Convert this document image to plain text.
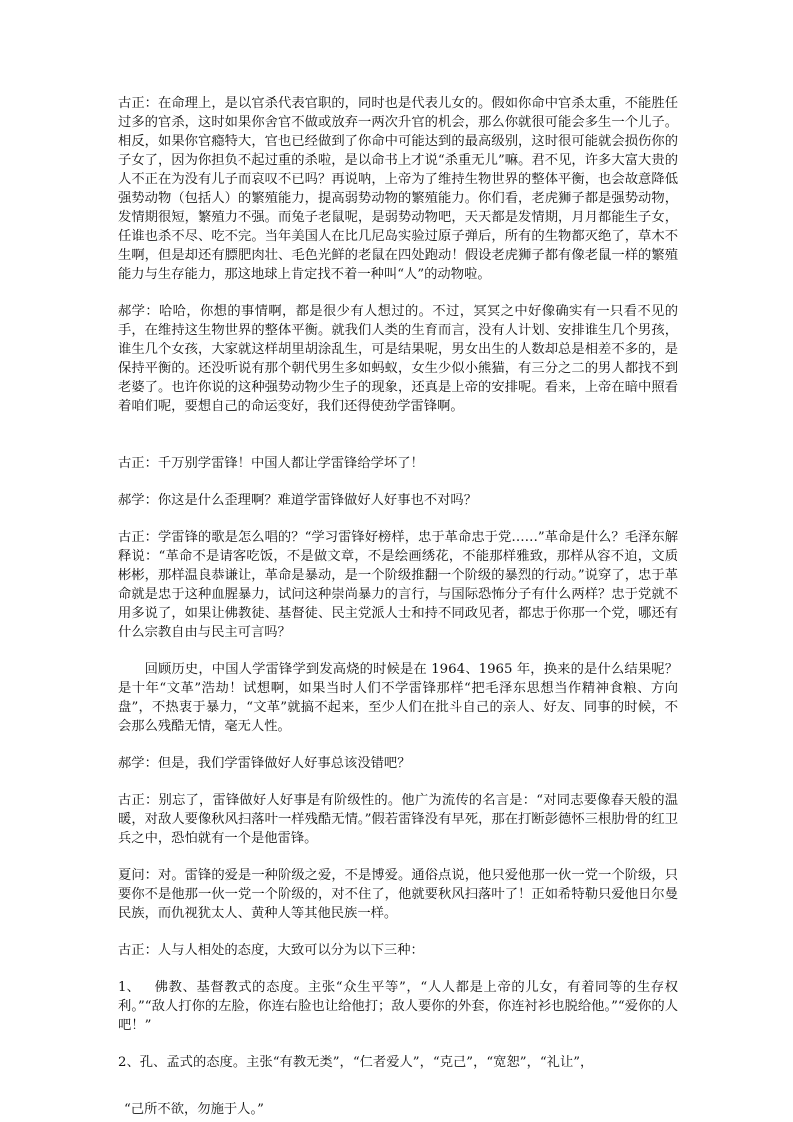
古正：在命理上，是以官杀代表官职的，同时也是代表儿女的。假如你命中官杀太重，不能胜任过多的官杀，这时如果你舍官不做或放弃一两次升官的机会，那么你就很可能会多生一个儿子。相反，如果你官瘾特大，官也已经做到了你命中可能达到的最高级别，这时很可能就会损伤你的子女了，因为你担负不起过重的杀啦，是以命书上才说“杀重无儿”嘛。君不见，许多大富大贵的人不正在为没有儿子而哀叹不已吗？再说呐，上帝为了维持生物世界的整体平衡，也会故意降低强势动物（包括人）的繁殖能力，提高弱势动物的繁殖能力。你们看，老虎狮子都是强势动物，发情期很短，繁殖力不强。而兔子老鼠呢，是弱势动物吧，天天都是发情期，月月都能生子女，任谁也杀不尽、吃不完。当年美国人在比几尼岛实验过原子弹后，所有的生物都灭绝了，草木不生啊，但是却还有膘肥肉壮、毛色光鲜的老鼠在四处跑动！假设老虎狮子都有像老鼠一样的繁殖能力与生存能力，那这地球上肯定找不着一种叫“人”的动物啦。

郝学：哈哈，你想的事情啊，都是很少有人想过的。不过，冥冥之中好像确实有一只看不见的手，在维持这生物世界的整体平衡。就我们人类的生育而言，没有人计划、安排谁生几个男孩，谁生几个女孩，大家就这样胡里胡涂乱生，可是结果呢，男女出生的人数却总是相差不多的，是保持平衡的。还没听说有那个朝代男生多如蚂蚁，女生少似小熊猫，有三分之二的男人都找不到老婆了。也许你说的这种强势动物少生子的现象，还真是上帝的安排呢。看来，上帝在暗中照看着咱们呢，要想自己的命运变好，我们还得使劲学雷锋啊。

古正：千万别学雷锋！中国人都让学雷锋给学坏了！

郝学：你这是什么歪理啊？难道学雷锋做好人好事也不对吗？

古正：学雷锋的歌是怎么唱的？“学习雷锋好榜样，忠于革命忠于党……”革命是什么？毛泽东解释说：“革命不是请客吃饭，不是做文章，不是绘画绣花，不能那样雅致，那样从容不迫，文质彬彬，那样温良恭谦让，革命是暴动，是一个阶级推翻一个阶级的暴烈的行动。”说穿了，忠于革命就是忠于这种血腥暴力，试问这种崇尚暴力的言行，与国际恐怖分子有什么两样？忠于党就不用多说了，如果让佛教徒、基督徒、民主党派人士和持不同政见者，都忠于你那一个党，哪还有什么宗教自由与民主可言吗？

回顾历史，中国人学雷锋学到发高烧的时候是在 1964、1965 年，换来的是什么结果呢？是十年“文革”浩劫！试想啊，如果当时人们不学雷锋那样“把毛泽东思想当作精神食粮、方向盘”，不热衷于暴力，“文革”就搞不起来，至少人们在批斗自己的亲人、好友、同事的时候，不会那么残酷无情，毫无人性。

郝学：但是，我们学雷锋做好人好事总该没错吧？

古正：别忘了，雷锋做好人好事是有阶级性的。他广为流传的名言是：“对同志要像春天般的温暖，对敌人要像秋风扫落叶一样残酷无情。”假若雷锋没有早死，那在打断彭德怀三根肋骨的红卫兵之中，恐怕就有一个是他雷锋。

夏问：对。雷锋的爱是一种阶级之爱，不是博爱。通俗点说，他只爱他那一伙一党一个阶级，只要你不是他那一伙一党一个阶级的，对不住了，他就要秋风扫落叶了！正如希特勒只爱他日尔曼民族，而仇视犹太人、黄种人等其他民族一样。

古正：人与人相处的态度，大致可以分为以下三种：

1、 佛教、基督教式的态度。主张“众生平等”，“人人都是上帝的儿女，有着同等的生存权利。”“敌人打你的左脸，你连右脸也让给他打；敌人要你的外套，你连衬衫也脱给他。”“爱你的人吧！”

2、孔、孟式的态度。主张“有教无类”，“仁者爱人”，“克己”，“宽恕”，“礼让”，

“己所不欲，勿施于人。”
